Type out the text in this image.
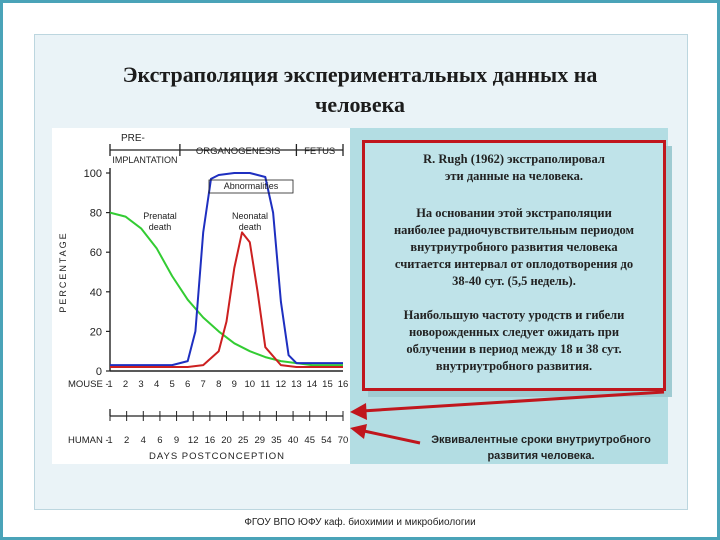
Экстраполяция экспериментальных данных на
человека
PRE-
IMPLANTATION
ORGANOGENESIS FETUS
0
20
40
60
80
100
PERCENTAGE
Abnormalities
Prenatal
death
Neonatal
death
MOUSE -
1 2 3 4 5 6 7 8 9 10 11 12 13 14 15 16
1 2 4 6 9 12 16 20 25 29 35 40 45 54 70
HUMAN -
DAYS POSTCONCEPTION

R. Rugh (1962) экстраполировал

эти данные на человека.

На основании этой экстраполяции

наиболее радиочувствительным периодом

внутриутробного развития человека

считается интервал от оплодотворения до

38-40 сут. (5,5 недель).

Наибольшую частоту уродств и гибели

новорожденных следует ожидать при

облучении в период между 18 и 38 сут.

внутриутробного развития.

Эквивалентные сроки внутриутробного
развития человека.
ФГОУ ВПО ЮФУ каф. биохимии и микробиологии
